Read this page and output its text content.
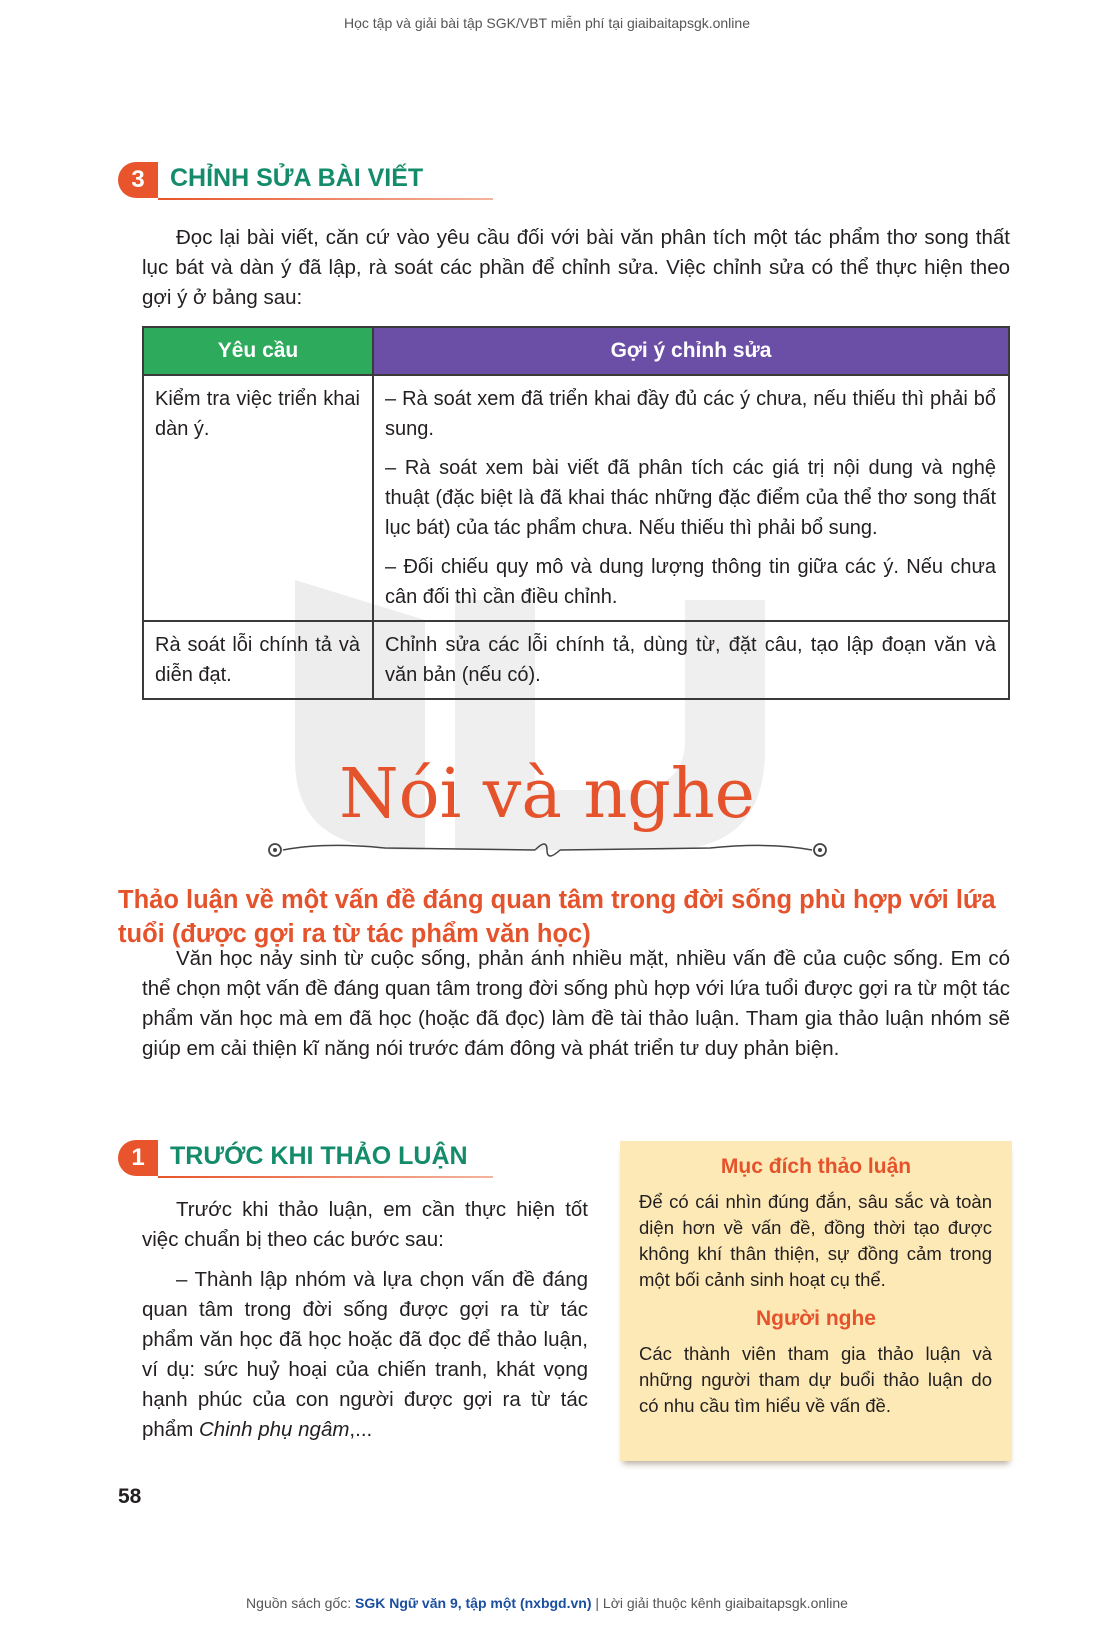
Học tập và giải bài tập SGK/VBT miễn phí tại giaibaitapsgk.online
3	CHỈNH SỬA BÀI VIẾT
Đọc lại bài viết, căn cứ vào yêu cầu đối với bài văn phân tích một tác phẩm thơ song thất lục bát và dàn ý đã lập, rà soát các phần để chỉnh sửa. Việc chỉnh sửa có thể thực hiện theo gợi ý ở bảng sau:
Yêu cầu	Gợi ý chỉnh sửa
Kiểm tra việc triển khai dàn ý.	– Rà soát xem đã triển khai đầy đủ các ý chưa, nếu thiếu thì phải bổ sung.

– Rà soát xem bài viết đã phân tích các giá trị nội dung và nghệ thuật (đặc biệt là đã khai thác những đặc điểm của thể thơ song thất lục bát) của tác phẩm chưa. Nếu thiếu thì phải bổ sung.

– Đối chiếu quy mô và dung lượng thông tin giữa các ý. Nếu chưa cân đối thì cần điều chỉnh.

Rà soát lỗi chính tả và diễn đạt.	Chỉnh sửa các lỗi chính tả, dùng từ, đặt câu, tạo lập đoạn văn và văn bản (nếu có).

Nói và nghe
Thảo luận về một vấn đề đáng quan tâm trong đời sống phù hợp với lứa tuổi (được gợi ra từ tác phẩm văn học)
Văn học nảy sinh từ cuộc sống, phản ánh nhiều mặt, nhiều vấn đề của cuộc sống. Em có thể chọn một vấn đề đáng quan tâm trong đời sống phù hợp với lứa tuổi được gợi ra từ một tác phẩm văn học mà em đã học (hoặc đã đọc) làm đề tài thảo luận. Tham gia thảo luận nhóm sẽ giúp em cải thiện kĩ năng nói trước đám đông và phát triển tư duy phản biện.
1	TRƯỚC KHI THẢO LUẬN
Trước khi thảo luận, em cần thực hiện tốt việc chuẩn bị theo các bước sau:
– Thành lập nhóm và lựa chọn vấn đề đáng quan tâm trong đời sống được gợi ra từ tác phẩm văn học đã học hoặc đã đọc để thảo luận, ví dụ: sức huỷ hoại của chiến tranh, khát vọng hạnh phúc của con người được gợi ra từ tác phẩm Chinh phụ ngâm,...
Mục đích thảo luận
Để có cái nhìn đúng đắn, sâu sắc và toàn diện hơn về vấn đề, đồng thời tạo được không khí thân thiện, sự đồng cảm trong một bối cảnh sinh hoạt cụ thể.
Người nghe
Các thành viên tham gia thảo luận và những người tham dự buổi thảo luận do có nhu cầu tìm hiểu về vấn đề.
58
Nguồn sách gốc: SGK Ngữ văn 9, tập một (nxbgd.vn) | Lời giải thuộc kênh giaibaitapsgk.online
